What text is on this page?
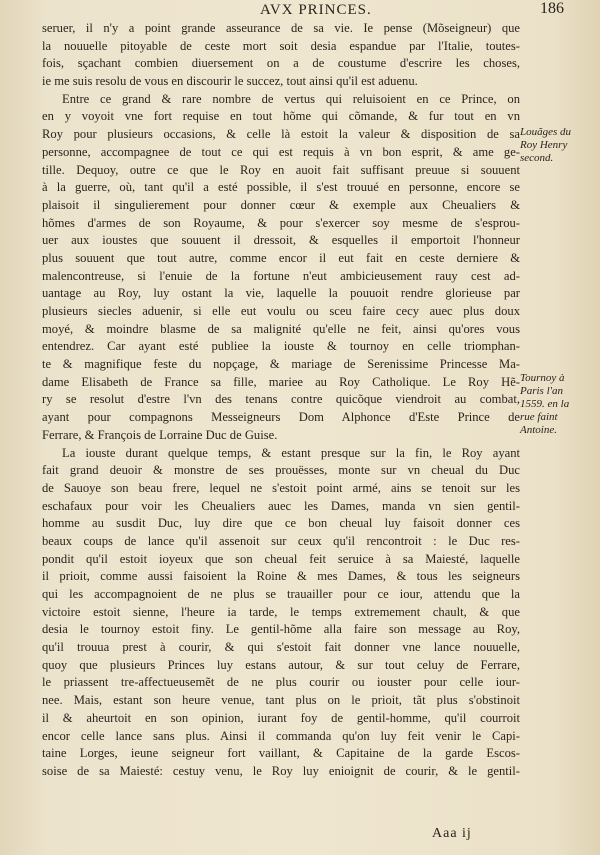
AVX PRINCES.	186
seruer, il n'y a point grande asseurance de sa vie. Ie pense (Mõseigneur) que
la nouuelle pitoyable de ceste mort soit desia espandue par l'Italie, toutes-
fois, sçachant combien diuersement on a de coustume d'escrire les choses,
ie me suis resolu de vous en discourir le succez, tout ainsi qu'il est aduenu.
Entre ce grand & rare nombre de vertus qui reluisoient en ce Prince, on
en y voyoit vne fort requise en tout hõme qui cõmande, & fur tout en vn
Roy pour plusieurs occasions, & celle là estoit la valeur & disposition de sa
personne, accompagnee de tout ce qui est requis à vn bon esprit, & ame ge-
tille. Dequoy, outre ce que le Roy en auoit fait suffisant preuue si souuent
à la guerre, où, tant qu'il a esté possible, il s'est trouué en personne, encore se
plaisoit il singulierement pour donner cœur & exemple aux Cheualiers &
hõmes d'armes de son Royaume, & pour s'exercer soy mesme de s'esprou-
uer aux ioustes que souuent il dressoit, & esquelles il emportoit l'honneur
plus souuent que tout autre, comme encor il eut fait en ceste derniere &
malencontreuse, si l'enuie de la fortune n'eut ambicieusement rauy cest ad-
uantage au Roy, luy ostant la vie, laquelle la pouuoit rendre glorieuse par
plusieurs siecles aduenir, si elle eut voulu ou sceu faire cecy auec plus doux
moyé, & moindre blasme de sa malignité qu'elle ne feit, ainsi qu'ores vous
entendrez. Car ayant esté publiee la iouste & tournoy en celle triomphan-
te & magnifique feste du nopçage, & mariage de Serenissime Princesse Ma-
dame Elisabeth de France sa fille, mariee au Roy Catholique. Le Roy Hẽ-
ry se resolut d'estre l'vn des tenans contre quicõque viendroit au combat,
ayant pour compagnons Messeigneurs Dom Alphonce d'Este Prince de
Ferrare, & François de Lorraine Duc de Guise.
La iouste durant quelque temps, & estant presque sur la fin, le Roy ayant
fait grand deuoir & monstre de ses prouësses, monte sur vn cheual du Duc
de Sauoye son beau frere, lequel ne s'estoit point armé, ains se tenoit sur les
eschafaux pour voir les Cheualiers auec les Dames, manda vn sien gentil-
homme au susdit Duc, luy dire que ce bon cheual luy faisoit donner ces
beaux coups de lance qu'il assenoit sur ceux qu'il rencontroit : le Duc res-
pondit qu'il estoit ioyeux que son cheual feit seruice à sa Maiesté, laquelle
il prioit, comme aussi faisoient la Roine & mes Dames, & tous les seigneurs
qui les accompagnoient de ne plus se trauailler pour ce iour, attendu que la
victoire estoit sienne, l'heure ia tarde, le temps extremement chault, & que
desia le tournoy estoit finy. Le gentil-hõme alla faire son message au Roy,
qu'il trouua prest à courir, & qui s'estoit fait donner vne lance nouuelle,
quoy que plusieurs Princes luy estans autour, & sur tout celuy de Ferrare,
le priassent tre-affectueusemẽt de ne plus courir ou iouster pour celle iour-
nee. Mais, estant son heure venue, tant plus on le prioit, tãt plus s'obstinoit
il & aheurtoit en son opinion, iurant foy de gentil-homme, qu'il courroit
encor celle lance sans plus. Ainsi il commanda qu'on luy feit venir le Capi-
taine Lorges, ieune seigneur fort vaillant, & Capitaine de la garde Escos-
soise de sa Maiesté: cestuy venu, le Roy luy enioignit de courir, & le gentil-
Louãges du
Roy Henry
second.
Tournoy à
Paris l'an
1559. en la
rue faint
Antoine.
Aaa ij
